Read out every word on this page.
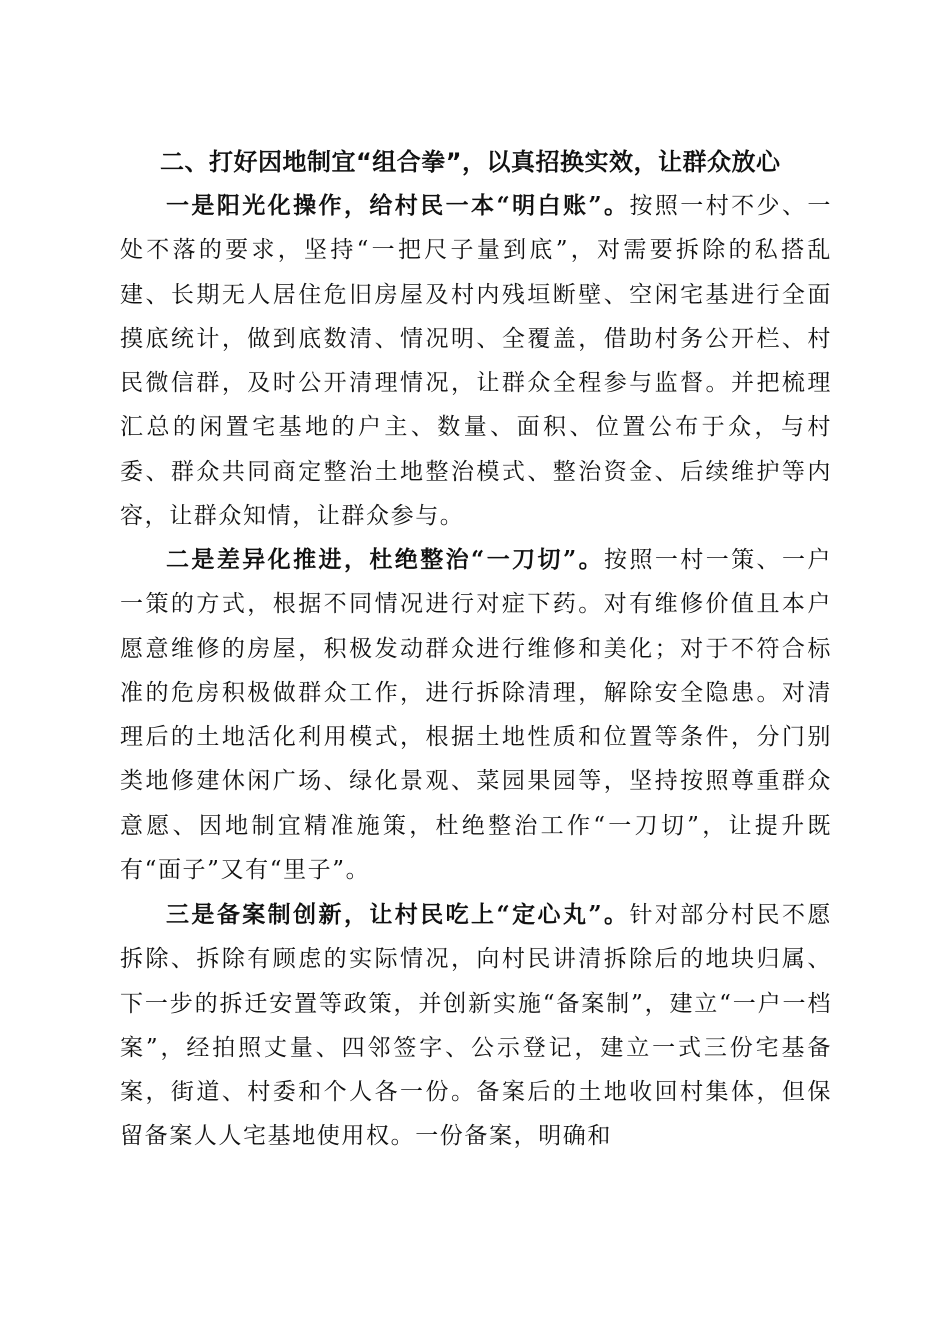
二、打好因地制宜“组合拳”，以真招换实效，让群众放心

一是阳光化操作，给村民一本“明白账”。按照一村不少、一处不落的要求，坚持“一把尺子量到底”，对需要拆除的私搭乱建、长期无人居住危旧房屋及村内残垣断壁、空闲宅基进行全面摸底统计，做到底数清、情况明、全覆盖，借助村务公开栏、村民微信群，及时公开清理情况，让群众全程参与监督。并把梳理汇总的闲置宅基地的户主、数量、面积、位置公布于众，与村委、群众共同商定整治土地整治模式、整治资金、后续维护等内容，让群众知情，让群众参与。

二是差异化推进，杜绝整治“一刀切”。按照一村一策、一户一策的方式，根据不同情况进行对症下药。对有维修价值且本户愿意维修的房屋，积极发动群众进行维修和美化；对于不符合标准的危房积极做群众工作，进行拆除清理，解除安全隐患。对清理后的土地活化利用模式，根据土地性质和位置等条件，分门别类地修建休闲广场、绿化景观、菜园果园等，坚持按照尊重群众意愿、因地制宜精准施策，杜绝整治工作“一刀切”，让提升既有“面子”又有“里子”。

三是备案制创新，让村民吃上“定心丸”。针对部分村民不愿拆除、拆除有顾虑的实际情况，向村民讲清拆除后的地块归属、下一步的拆迁安置等政策，并创新实施“备案制”，建立“一户一档案”，经拍照丈量、四邻签字、公示登记，建立一式三份宅基备案，街道、村委和个人各一份。备案后的土地收回村集体，但保留备案人人宅基地使用权。一份备案，明确和
